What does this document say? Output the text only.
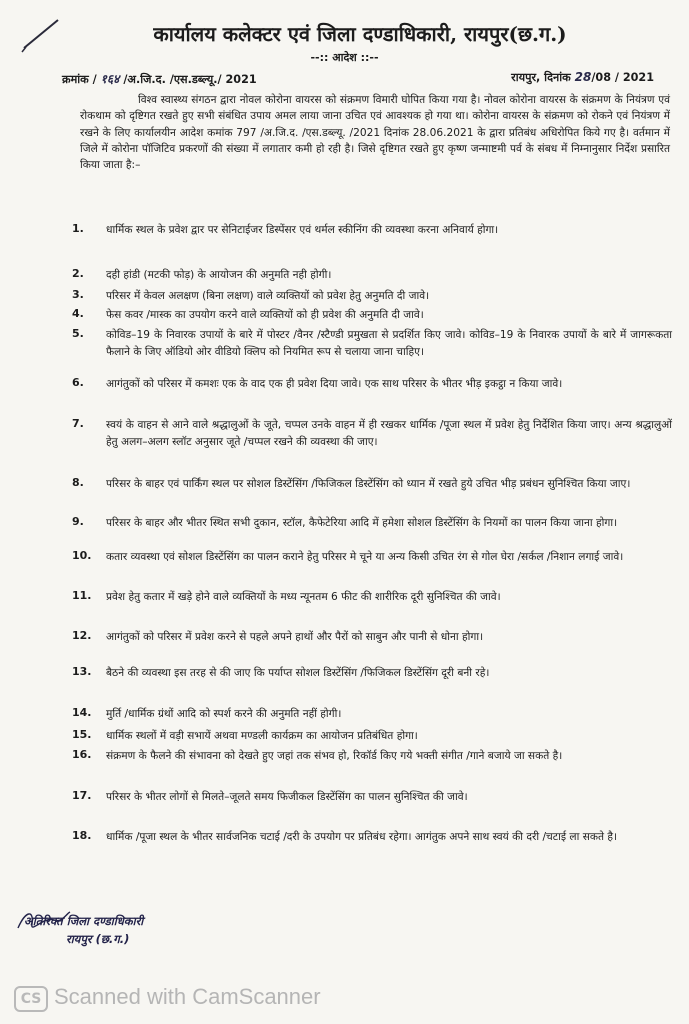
कार्यालय कलेक्टर एवं जिला दण्डाधिकारी, रायपुर(छ.ग.)
--:: आदेश ::--
क्रमांक / १६४ /अ.जि.द. /एस.डब्ल्यू./ 2021	रायपुर, दिनांक 28/08 / 2021

विश्व स्वास्थ्य संगठन द्वारा नोवल कोरोना वायरस को संक्रमण विमारी घोपित किया गया है। नोवल कोरोना वायरस के संक्रमण के नियंत्रण एवं रोकथाम को दृष्टिगत रखते हुए सभी संबंधित उपाय अमल लाया जाना उचित एवं आवश्यक हो गया था। कोरोना वायरस के संक्रमण को रोकने एवं नियंत्रण में रखने के लिए कार्यालयीन आदेश कमांक 797 /अ.जि.द. /एस.डब्ल्यू. /2021 दिनांक 28.06.2021 के द्वारा प्रतिबंध अधिरोपित किये गए है। वर्तमान में जिले में कोरोना पॉजिटिव प्रकरणों की संख्या में लगातार कमी हो रही है। जिसे दृष्टिगत रखते हुए कृष्ण जन्माष्टमी पर्व के संबध में निम्नानुसार निर्देश प्रसारित किया जाता है:–

1.	धार्मिक स्थल के प्रवेश द्वार पर सेनिटाईजर डिस्पेंसर एवं थर्मल स्कीनिंग की व्यवस्था करना अनिवार्य होगा।
2.	दही हांडी (मटकी फोड़) के आयोजन की अनुमति नही होगी।
3.	परिसर में केवल अलक्षण (बिना लक्षण) वाले व्यक्तियों को प्रवेश हेतु अनुमति दी जावे।
4.	फेस कवर /मास्क का उपयोग करने वाले व्यक्तियों को ही प्रवेश की अनुमति दी जावे।
5.	कोविड–19 के निवारक उपायों के बारे में पोस्टर /वैनर /स्टैण्डी प्रमुखता से प्रदर्शित किए जावे। कोविड–19 के निवारक उपायों के बारे में जागरूकता फैलाने के जिए ऑडियो ओर वीडियो क्लिप को नियमित रूप से चलाया जाना चाहिए।
6.	आगंतुकों को परिसर में कमशः एक के वाद एक ही प्रवेश दिया जावे। एक साथ परिसर के भीतर भीड़ इकट्ठा न किया जावे।
7.	स्वयं के वाहन से आने वाले श्रद्धालुओं के जूते, चप्पल उनके वाहन में ही रखकर धार्मिक /पूजा स्थल में प्रवेश हेतु निर्देशित किया जाए। अन्य श्रद्धालुओं हेतु अलग–अलग स्लॉट अनुसार जूते /चप्पल रखने की व्यवस्था की जाए।
8.	परिसर के बाहर एवं पार्किंग स्थल पर सोशल डिस्टेंसिंग /फिजिकल डिस्टेंसिंग को ध्यान में रखते हुये उचित भीड़ प्रबंधन सुनिश्चित किया जाए।
9.	परिसर के बाहर और भीतर स्थित सभी दुकान, स्टॉल, कैफेटेरिया आदि में हमेशा सोशल डिस्टेंसिंग के नियमों का पालन किया जाना होगा।
10. कतार व्यवस्था एवं सोशल डिस्टेंसिंग का पालन कराने हेतु परिसर मे चूने या अन्य किसी उचित रंग से गोल घेरा /सर्कल /निशान लगाई जावे।
11. प्रवेश हेतु कतार में खड़े होने वाले व्यक्तियों के मध्य न्यूनतम 6 फीट की शारीरिक दूरी सुनिश्चित की जावे।
12. आगंतुकों को परिसर में प्रवेश करने से पहले अपने हाथों और पैरों को साबुन और पानी से धोना होगा।
13. बैठने की व्यवस्था इस तरह से की जाए कि पर्याप्त सोशल डिस्टेंसिंग /फिजिकल डिस्टेंसिंग दूरी बनी रहे।
14. मुर्ति /धार्मिक ग्रंथों आदि को स्पर्श करने की अनुमति नहीं होगी।
15. धार्मिक स्थलों में वड़ी सभायें अथवा मण्डली कार्यक्रम का आयोजन प्रतिबंधित होगा।
16. संक्रमण के फैलने की संभावना को देखते हुए जहां तक संभव हो, रिकॉर्ड किए गये भक्ती संगीत /गाने बजाये जा सकते है।
17. परिसर के भीतर लोगों से मिलते–जूलते समय फिजीकल डिस्टेंसिंग का पालन सुनिश्चित की जावे।
18. धार्मिक /पूजा स्थल के भीतर सार्वजनिक चटाई /दरी के उपयोग पर प्रतिबंध रहेगा। आगंतुक अपने साथ स्वयं की दरी /चटाई ला सकते है।
अतिरिक्त जिला दण्डाधिकारी
रायपुर (छ.ग.)
CS Scanned with CamScanner
